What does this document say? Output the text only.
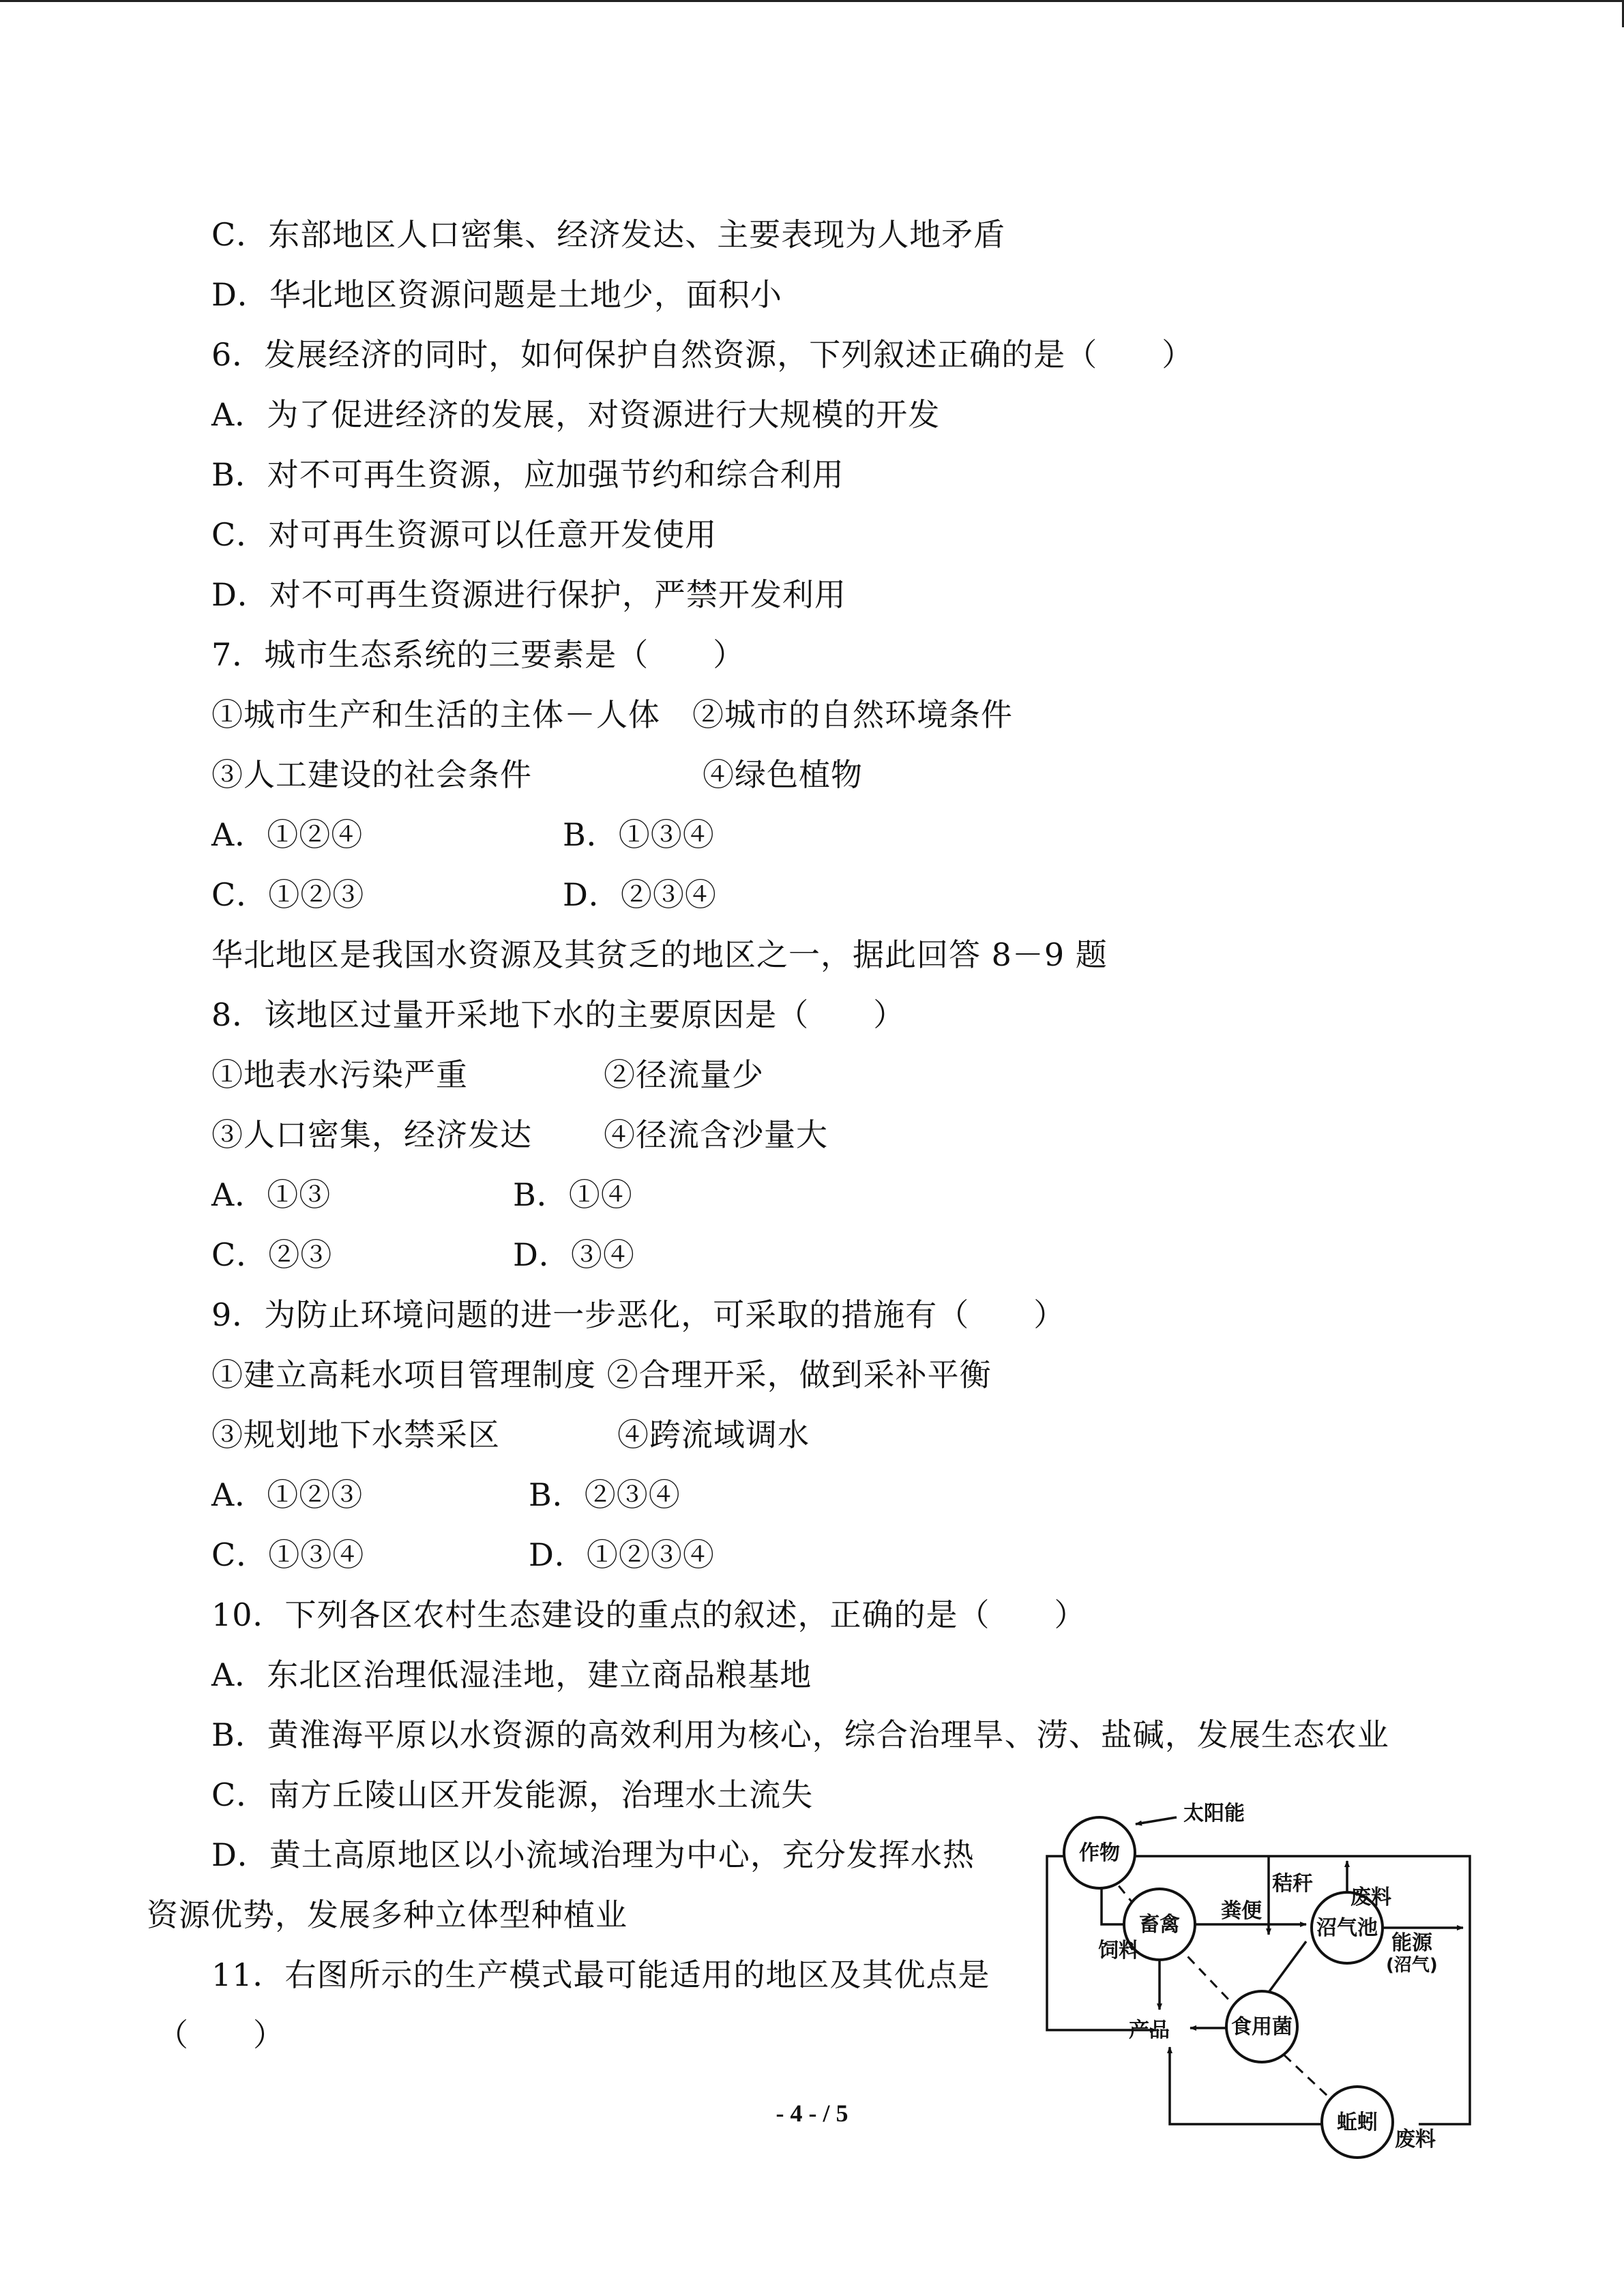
C．东部地区人口密集、经济发达、主要表现为人地矛盾
D．华北地区资源问题是土地少，面积小
6．发展经济的同时，如何保护自然资源，下列叙述正确的是（　　）
A．为了促进经济的发展，对资源进行大规模的开发
B．对不可再生资源，应加强节约和综合利用
C．对可再生资源可以任意开发使用
D．对不可再生资源进行保护，严禁开发利用
7．城市生态系统的三要素是（　　）
①城市生产和生活的主体－人体　②城市的自然环境条件
③人工建设的社会条件	④绿色植物
A．①②④	B．①③④
C．①②③	D．②③④
华北地区是我国水资源及其贫乏的地区之一，据此回答 8－9 题
8．该地区过量开采地下水的主要原因是（　　）
①地表水污染严重	②径流量少
③人口密集，经济发达 ④径流含沙量大
A．①③	B．①④
C．②③	D．③④
9．为防止环境问题的进一步恶化，可采取的措施有（　　）
①建立高耗水项目管理制度 ②合理开采，做到采补平衡
③规划地下水禁采区	④跨流域调水
A．①②③	B．②③④
C．①③④	D．①②③④
10．下列各区农村生态建设的重点的叙述，正确的是（　　）
A．东北区治理低湿洼地，建立商品粮基地
B．黄淮海平原以水资源的高效利用为核心，综合治理旱、涝、盐碱，发展生态农业
C．南方丘陵山区开发能源，治理水土流失
D．黄土高原地区以小流域治理为中心，充分发挥水热
资源优势，发展多种立体型种植业
11．右图所示的生产模式最可能适用的地区及其优点是
（　　）
太阳能
作物
秸秆
废料
饲料
畜禽
粪便
沼气池
能源
(沼气)
产品	食用菌
蚯蚓
废料
- 4 - / 5
